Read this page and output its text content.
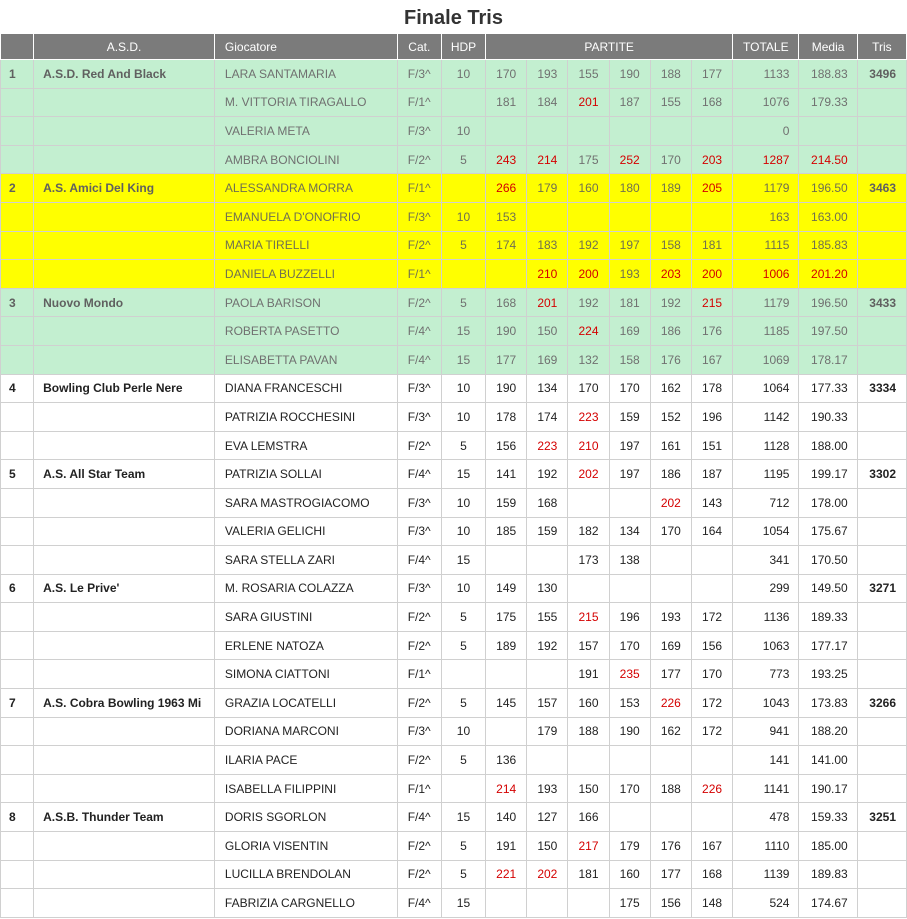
Finale Tris
	A.S.D.	Giocatore	Cat.	HDP	PARTITE						TOTALE	Media	Tris
1	A.S.D. Red And Black	LARA SANTAMARIA	F/3^	10	170	193	155	190	188	177	1133	188.83	3496
		M. VITTORIA TIRAGALLO	F/1^		181	184	201	187	155	168	1076	179.33	
		VALERIA META	F/3^	10							0		
		AMBRA BONCIOLINI	F/2^	5	243	214	175	252	170	203	1287	214.50	
2	A.S. Amici Del King	ALESSANDRA MORRA	F/1^		266	179	160	180	189	205	1179	196.50	3463
		EMANUELA D'ONOFRIO	F/3^	10	153						163	163.00	
		MARIA TIRELLI	F/2^	5	174	183	192	197	158	181	1115	185.83	
		DANIELA BUZZELLI	F/1^			210	200	193	203	200	1006	201.20	
3	Nuovo Mondo	PAOLA BARISON	F/2^	5	168	201	192	181	192	215	1179	196.50	3433
		ROBERTA PASETTO	F/4^	15	190	150	224	169	186	176	1185	197.50	
		ELISABETTA PAVAN	F/4^	15	177	169	132	158	176	167	1069	178.17	
4	Bowling Club Perle Nere	DIANA FRANCESCHI	F/3^	10	190	134	170	170	162	178	1064	177.33	3334
		PATRIZIA ROCCHESINI	F/3^	10	178	174	223	159	152	196	1142	190.33	
		EVA LEMSTRA	F/2^	5	156	223	210	197	161	151	1128	188.00	
5	A.S. All Star Team	PATRIZIA SOLLAI	F/4^	15	141	192	202	197	186	187	1195	199.17	3302
		SARA MASTROGIACOMO	F/3^	10	159	168			202	143	712	178.00	
		VALERIA GELICHI	F/3^	10	185	159	182	134	170	164	1054	175.67	
		SARA STELLA ZARI	F/4^	15			173	138			341	170.50	
6	A.S. Le Prive'	M. ROSARIA COLAZZA	F/3^	10	149	130					299	149.50	3271
		SARA GIUSTINI	F/2^	5	175	155	215	196	193	172	1136	189.33	
		ERLENE NATOZA	F/2^	5	189	192	157	170	169	156	1063	177.17	
		SIMONA CIATTONI	F/1^				191	235	177	170	773	193.25	
7	A.S. Cobra Bowling 1963 Mi	GRAZIA LOCATELLI	F/2^	5	145	157	160	153	226	172	1043	173.83	3266
		DORIANA MARCONI	F/3^	10		179	188	190	162	172	941	188.20	
		ILARIA PACE	F/2^	5	136						141	141.00	
		ISABELLA FILIPPINI	F/1^		214	193	150	170	188	226	1141	190.17	
8	A.S.B. Thunder Team	DORIS SGORLON	F/4^	15	140	127	166				478	159.33	3251
		GLORIA VISENTIN	F/2^	5	191	150	217	179	176	167	1110	185.00	
		LUCILLA BRENDOLAN	F/2^	5	221	202	181	160	177	168	1139	189.83	
		FABRIZIA CARGNELLO	F/4^	15				175	156	148	524	174.67	
